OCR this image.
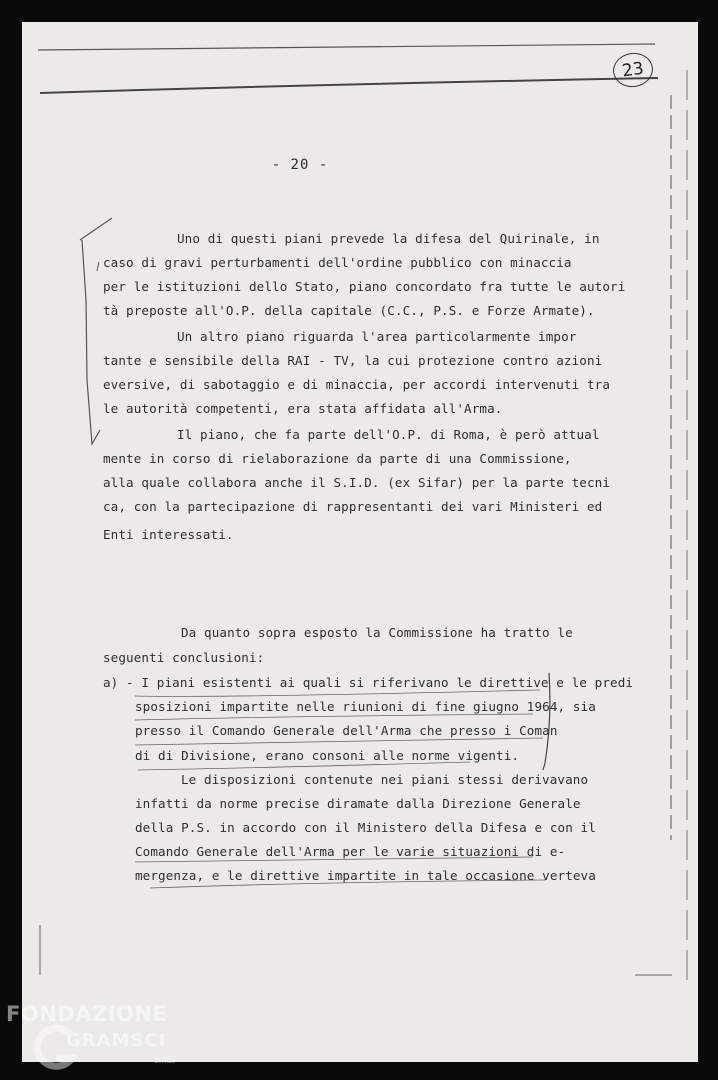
23
- 20 -
Uno di questi piani prevede la difesa del Quirinale, in
caso di gravi perturbamenti dell'ordine pubblico con minaccia
per le istituzioni dello Stato, piano concordato fra tutte le autori
tà preposte all'O.P. della capitale (C.C., P.S. e Forze Armate).
Un altro piano riguarda l'area particolarmente impor
tante e sensibile della RAI - TV, la cui protezione contro azioni
eversive, di sabotaggio e di minaccia, per accordi intervenuti tra
le autorità competenti, era stata affidata all'Arma.
Il piano, che fa parte dell'O.P. di Roma, è però attual
mente in corso di rielaborazione da parte di una Commissione,
alla quale collabora anche il S.I.D. (ex Sifar) per la parte tecni
ca, con la partecipazione di rappresentanti dei vari Ministeri ed
Enti interessati.
Da quanto sopra esposto la Commissione ha tratto le
seguenti conclusioni:
a) - I piani esistenti ai quali si riferivano le direttive e le predi
sposizioni impartite nelle riunioni di fine giugno 1964, sia
presso il Comando Generale dell'Arma che presso i Coman
di di Divisione, erano consoni alle norme vigenti.
Le disposizioni contenute nei piani stessi derivavano
infatti da norme precise diramate dalla Direzione Generale
della P.S. in accordo con il Ministero della Difesa e con il
Comando Generale dell'Arma per le varie situazioni di e-
mergenza, e le direttive impartite in tale occasione verteva
FONDAZIONE
GRAMSCI
onlus
